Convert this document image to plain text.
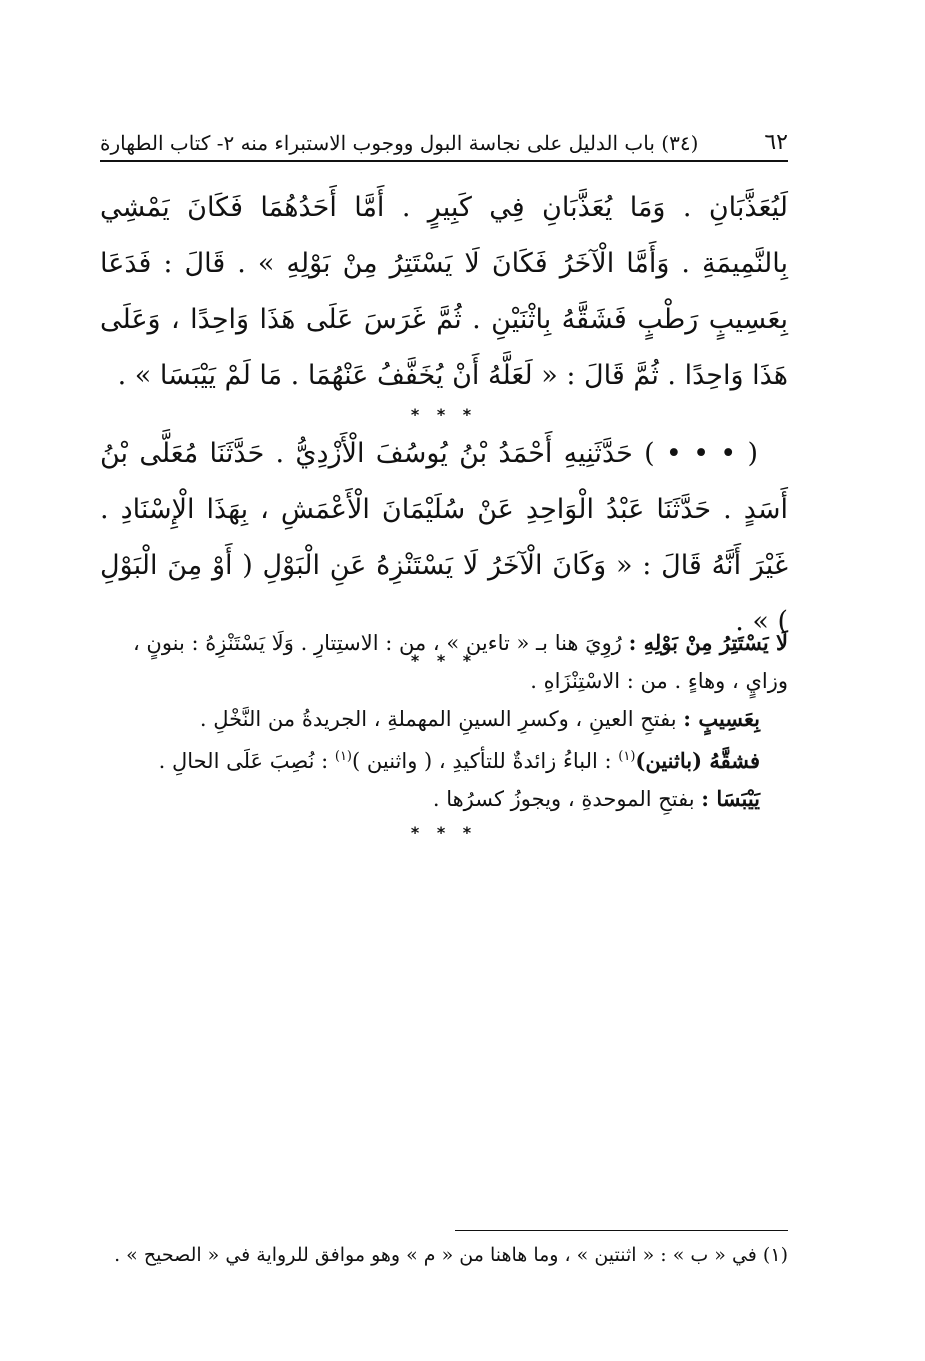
٦٢
(٣٤) باب الدليل على نجاسة البول ووجوب الاستبراء منه ٢- كتاب الطهارة

لَيُعَذَّبَانِ . وَمَا يُعَذَّبَانِ فِي كَبِيرٍ . أَمَّا أَحَدُهُمَا فَكَانَ يَمْشِي بِالنَّمِيمَةِ . وَأَمَّا الْآخَرُ فَكَانَ لَا يَسْتَتِرُ مِنْ بَوْلِهِ » . قَالَ : فَدَعَا بِعَسِيبٍ رَطْبٍ فَشَقَّهُ بِاثْنَيْنِ . ثُمَّ غَرَسَ عَلَى هَذَا وَاحِدًا ، وَعَلَى هَذَا وَاحِدًا . ثُمَّ قَالَ : « لَعَلَّهُ أَنْ يُخَفَّفُ عَنْهُمَا . مَا لَمْ يَيْبَسَا » .

* * *

( • • • ) حَدَّثَنِيهِ أَحْمَدُ بْنُ يُوسُفَ الْأَزْدِيُّ . حَدَّثَنَا مُعَلَّى بْنُ أَسَدٍ . حَدَّثَنَا عَبْدُ الْوَاحِدِ عَنْ سُلَيْمَانَ الْأَعْمَشِ ، بِهَذَا الْإِسْنَادِ . غَيْرَ أَنَّهُ قَالَ : « وَكَانَ الْآخَرُ لَا يَسْتَنْزِهُ عَنِ الْبَوْلِ ( أَوْ مِنَ الْبَوْلِ ) » .

* * *

لَا يَسْتَتِرُ مِنْ بَوْلِهِ : رُوِيَ هنا بـ « تاءين » ، من : الاستِتارِ . وَلَا يَسْتَنْزِهُ : بنونٍ ، وزايٍ ، وهاءٍ . من : الاسْتِنْزَاهِ .

بِعَسِيبٍ : بفتحِ العينِ ، وكسرِ السينِ المهملةِ ، الجريدةُ من النَّخْلِ .

فشقَّهُ (باثنين)$^{(١)}$ : الباءُ زائدةٌ للتأكيدِ ، ( واثنين )$^{(١)}$ : نُصِبَ عَلَى الحالِ .

يَيْبَسَا : بفتحِ الموحدةِ ، ويجوزُ كسرُها .

* * *

(١) في « ب » : « اثنتين » ، وما هاهنا من « م » وهو موافق للرواية في « الصحيح » .
